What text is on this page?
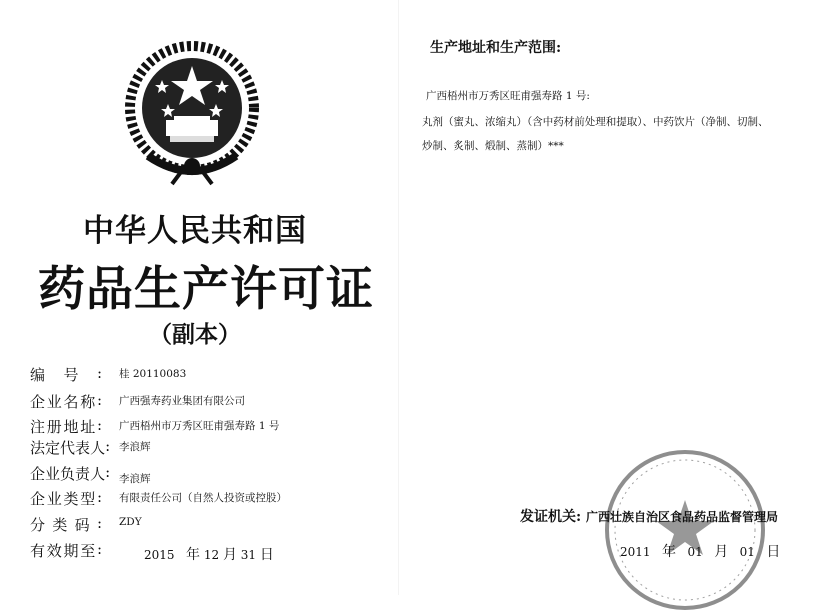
中华人民共和国
药品生产许可证
（副本）
编 号 : 桂 20110083
企 业 名 称 : 广西强寿药业集团有限公司
注 册 地 址 : 广西梧州市万秀区旺甫强寿路 1 号
法 定 代 表 人 : 李浪辉
企 业 负 责 人 : 李浪辉
企 业 类 型 : 有限责任公司（自然人投资或控股）
分 类 码 : ZDY
有 效 期 至 :	2015 年 12 月 31 日
生产地址和生产范围:
广西梧州市万秀区旺甫强寿路 1 号:
丸剂（蜜丸、浓缩丸）（含中药材前处理和提取）、中药饮片（净制、切制、炒制、炙制、煅制、蒸制）***
发证机关: 广西壮族自治区食品药品监督管理局
2011 年 01 月 01 日
